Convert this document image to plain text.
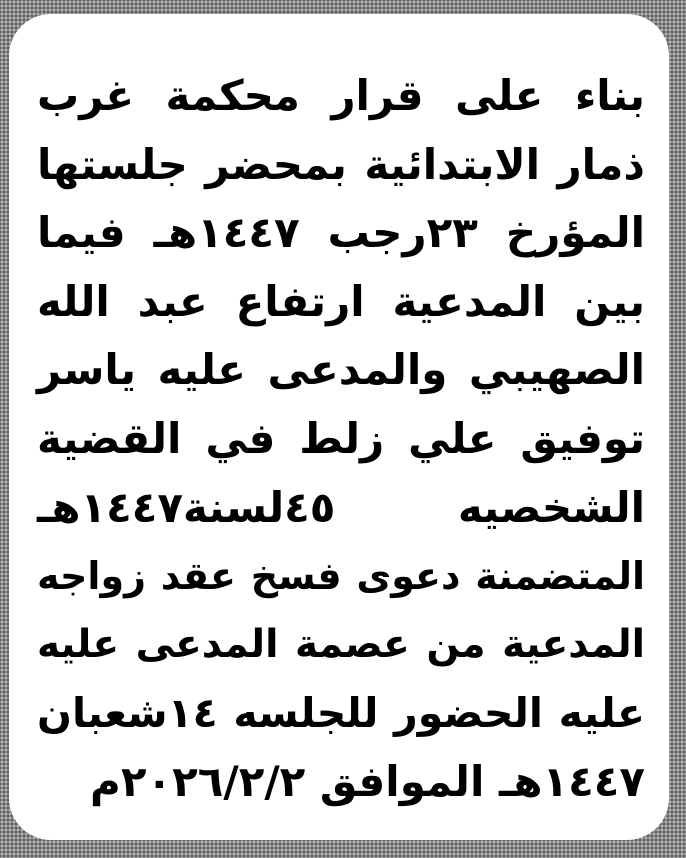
بناء على قرار محكمة غرب
ذمار الابتدائية بمحضر جلستها
المؤرخ ٢٣رجب ١٤٤٧هـ فيما
بين المدعية ارتفاع عبد الله
الصهيبي والمدعى عليه ياسر
توفيق علي زلط في القضية
الشخصيه ٤٥لسنة١٤٤٧هـ
المتضمنة دعوى فسخ عقد زواجه
المدعية من عصمة المدعى عليه
عليه الحضور للجلسه ١٤شعبان
١٤٤٧هـ الموافق ٢٠٢٦/٢/٢م
